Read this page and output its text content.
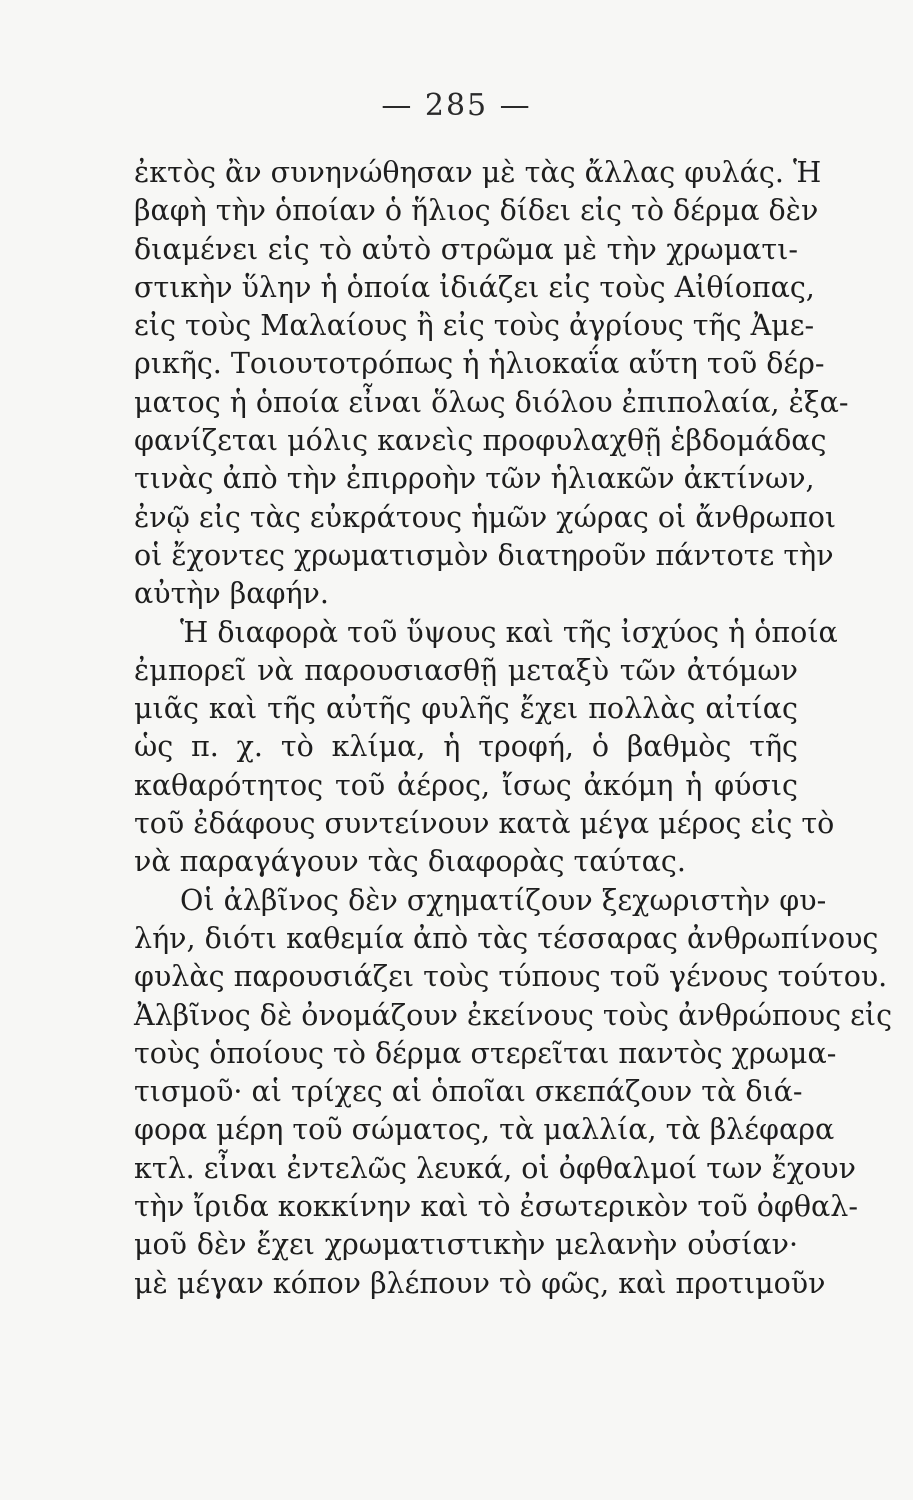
— 285 —
ἐκτὸς ἂν συνηνώθησαν μὲ τὰς ἄλλας φυλάς. Ἡ
βαφὴ τὴν ὁποίαν ὁ ἥλιος δίδει εἰς τὸ δέρμα δὲν
διαμένει εἰς τὸ αὐτὸ στρῶμα μὲ τὴν χρωματι-
στικὴν ὕλην ἡ ὁποία ἰδιάζει εἰς τοὺς Αἰθίοπας,
εἰς τοὺς Μαλαίους ἢ εἰς τοὺς ἀγρίους τῆς Ἀμε-
ρικῆς. Τοιουτοτρόπως ἡ ἡλιοκαΐα αὕτη τοῦ δέρ-
ματος ἡ ὁποία εἶναι ὅλως διόλου ἐπιπολαία, ἐξα-
φανίζεται μόλις κανεὶς προφυλαχθῇ ἑβδομάδας
τινὰς ἀπὸ τὴν ἐπιρροὴν τῶν ἡλιακῶν ἀκτίνων,
ἐνῷ εἰς τὰς εὐκράτους ἡμῶν χώρας οἱ ἄνθρωποι
οἱ ἔχοντες χρωματισμὸν διατηροῦν πάντοτε τὴν
αὐτὴν βαφήν.
Ἡ διαφορὰ τοῦ ὕψους καὶ τῆς ἰσχύος ἡ ὁποία
ἐμπορεῖ νὰ παρουσιασθῇ μεταξὺ τῶν ἀτόμων
μιᾶς καὶ τῆς αὐτῆς φυλῆς ἔχει πολλὰς αἰτίας
ὡς π. χ. τὸ κλίμα, ἡ τροφή, ὁ βαθμὸς τῆς
καθαρότητος τοῦ ἀέρος, ἴσως ἀκόμη ἡ φύσις
τοῦ ἐδάφους συντείνουν κατὰ μέγα μέρος εἰς τὸ
νὰ παραγάγουν τὰς διαφορὰς ταύτας.
Οἱ ἀλβῖνος δὲν σχηματίζουν ξεχωριστὴν φυ-
λήν, διότι καθεμία ἀπὸ τὰς τέσσαρας ἀνθρωπίνους
φυλὰς παρουσιάζει τοὺς τύπους τοῦ γένους τούτου.
Ἀλβῖνος δὲ ὀνομάζουν ἐκείνους τοὺς ἀνθρώπους εἰς
τοὺς ὁποίους τὸ δέρμα στερεῖται παντὸς χρωμα-
τισμοῦ· αἱ τρίχες αἱ ὁποῖαι σκεπάζουν τὰ διά-
φορα μέρη τοῦ σώματος, τὰ μαλλία, τὰ βλέφαρα
κτλ. εἶναι ἐντελῶς λευκά, οἱ ὀφθαλμοί των ἔχουν
τὴν ἴριδα κοκκίνην καὶ τὸ ἐσωτερικὸν τοῦ ὀφθαλ-
μοῦ δὲν ἔχει χρωματιστικὴν μελανὴν οὐσίαν·
μὲ μέγαν κόπον βλέπουν τὸ φῶς, καὶ προτιμοῦν
